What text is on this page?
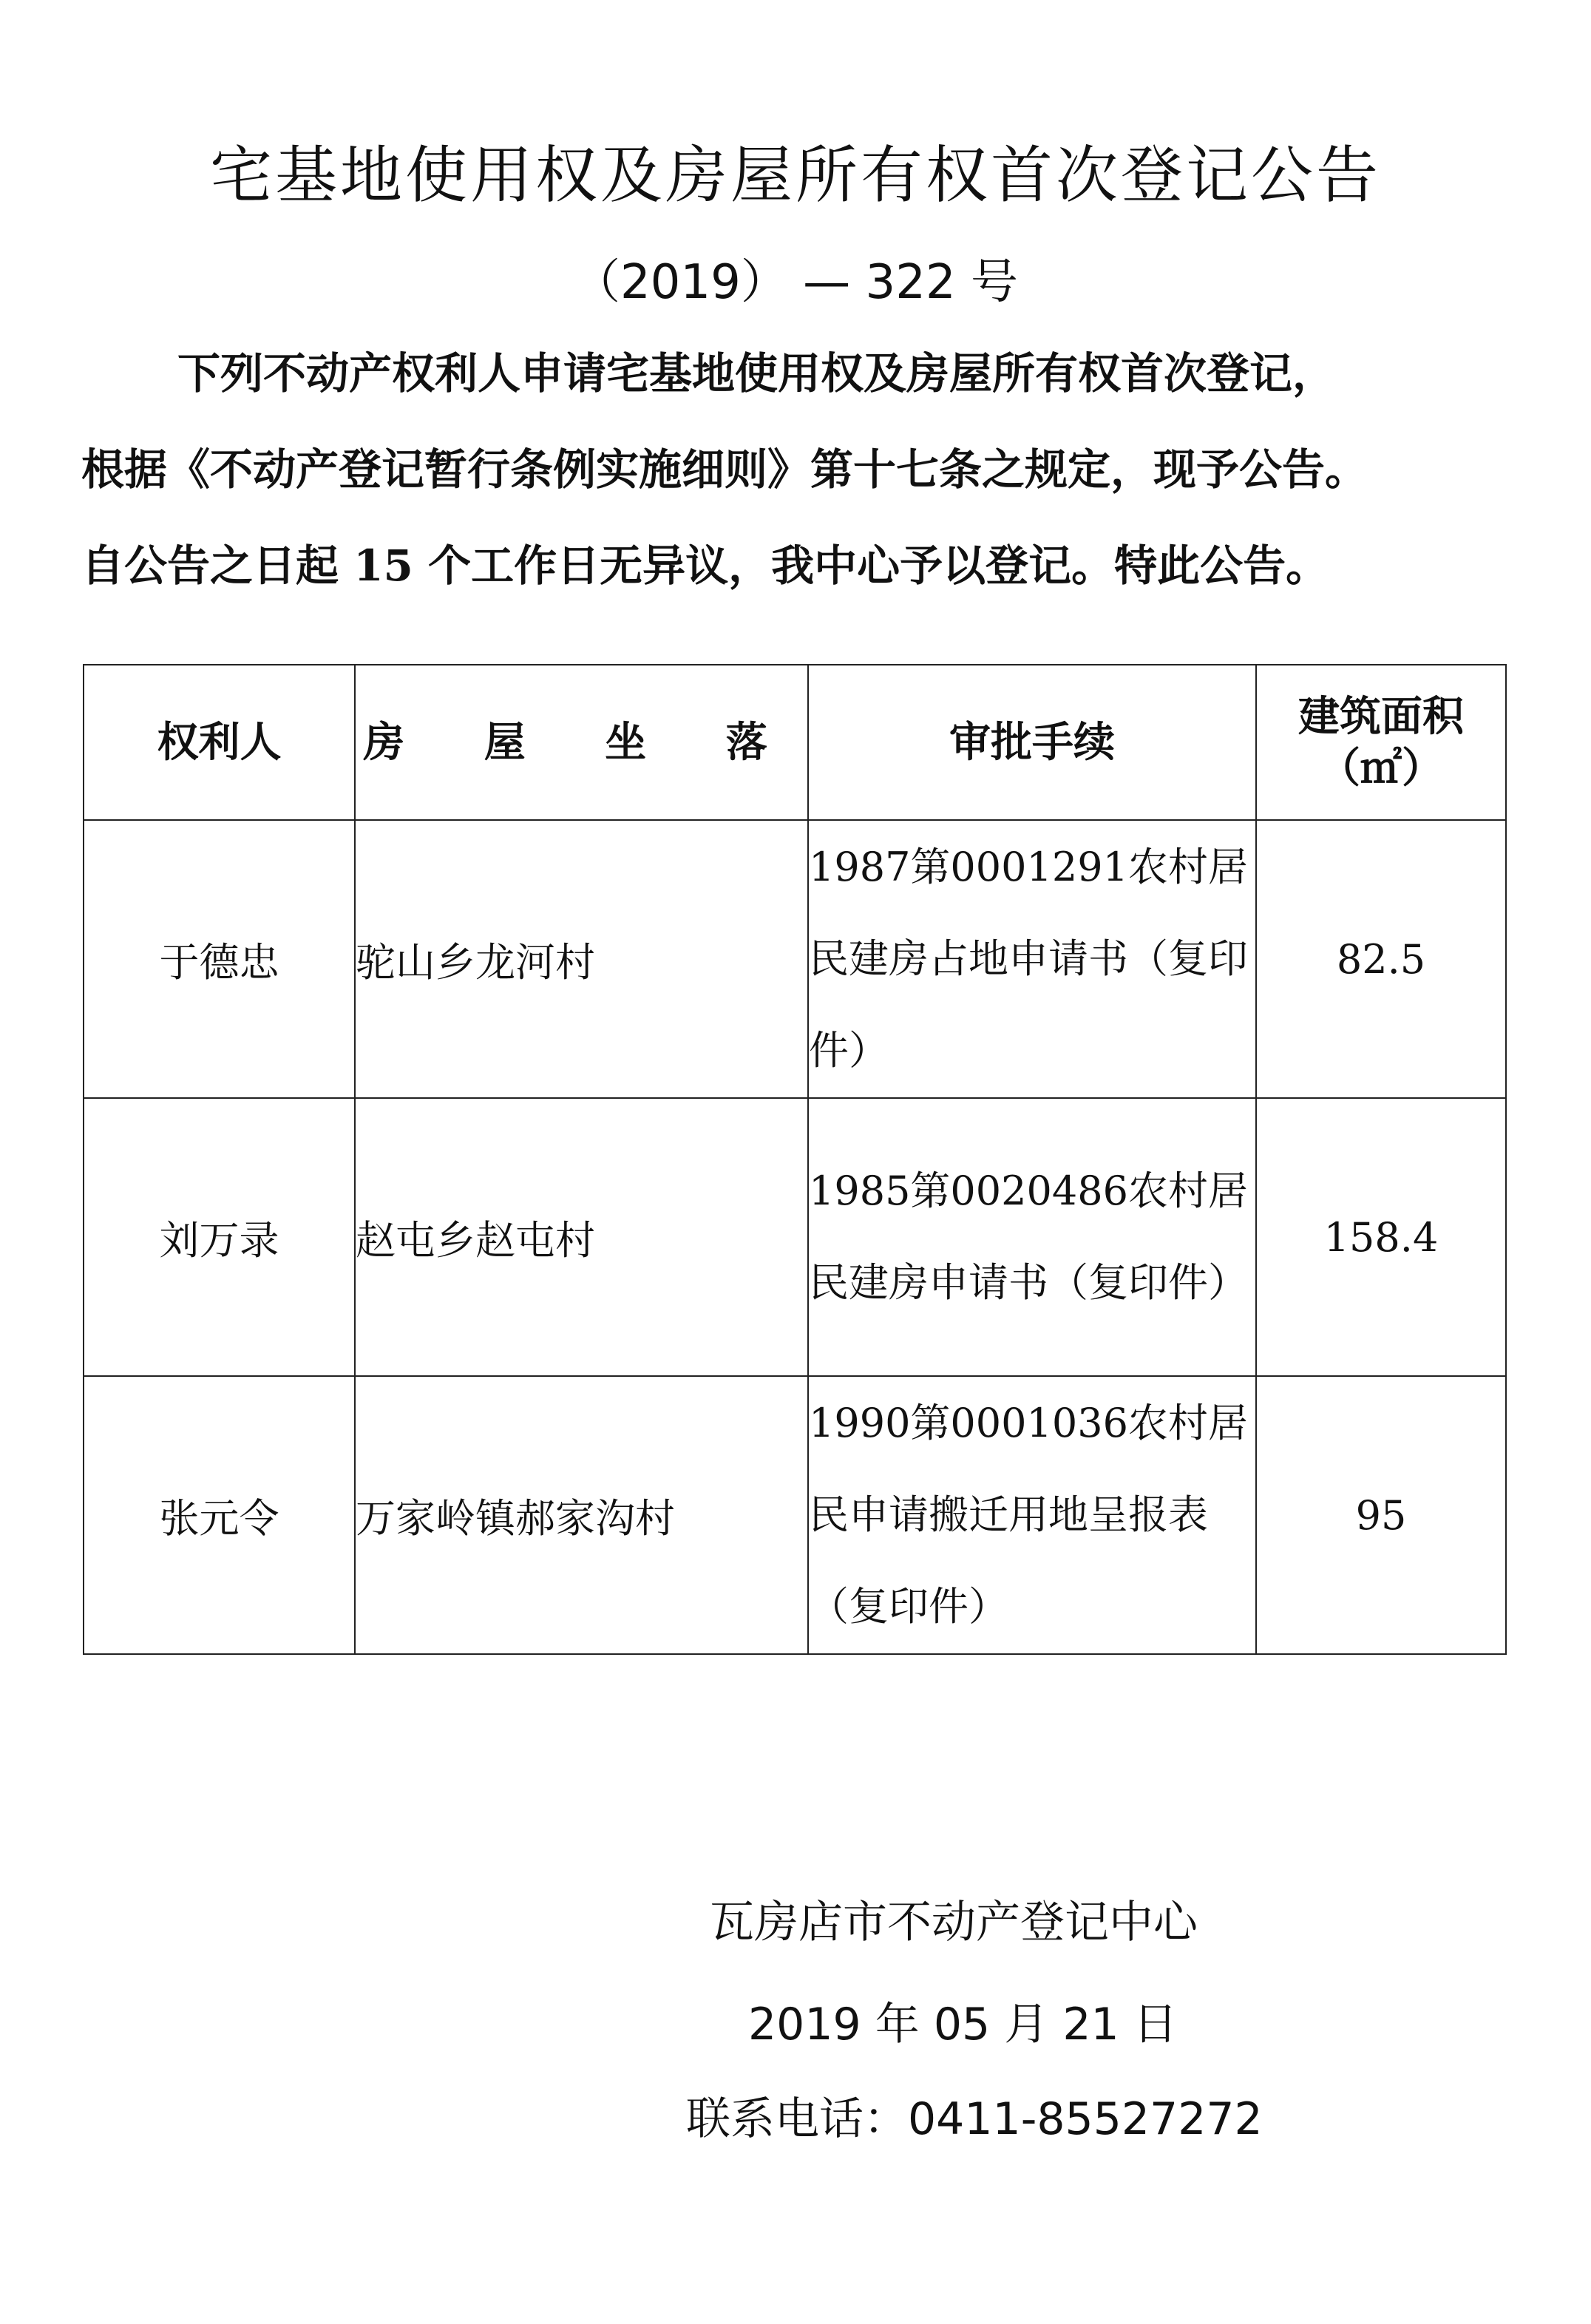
宅基地使用权及房屋所有权首次登记公告
（2019） — 322 号
下列不动产权利人申请宅基地使用权及房屋所有权首次登记，
根据《不动产登记暂行条例实施细则》第十七条之规定，现予公告。
自公告之日起 15 个工作日无异议，我中心予以登记。特此公告。
权利人	房 屋 坐 落	审批手续	建筑面积
（㎡）

于德忠	驼山乡龙河村	1987第0001291农村居民建房占地申请书（复印件）	82.5
刘万录	赵屯乡赵屯村	1985第0020486农村居民建房申请书（复印件）	158.4
张元令	万家岭镇郝家沟村	1990第0001036农村居民申请搬迁用地呈报表（复印件）	95
瓦房店市不动产登记中心
2019 年 05 月 21 日
联系电话：0411-85527272
